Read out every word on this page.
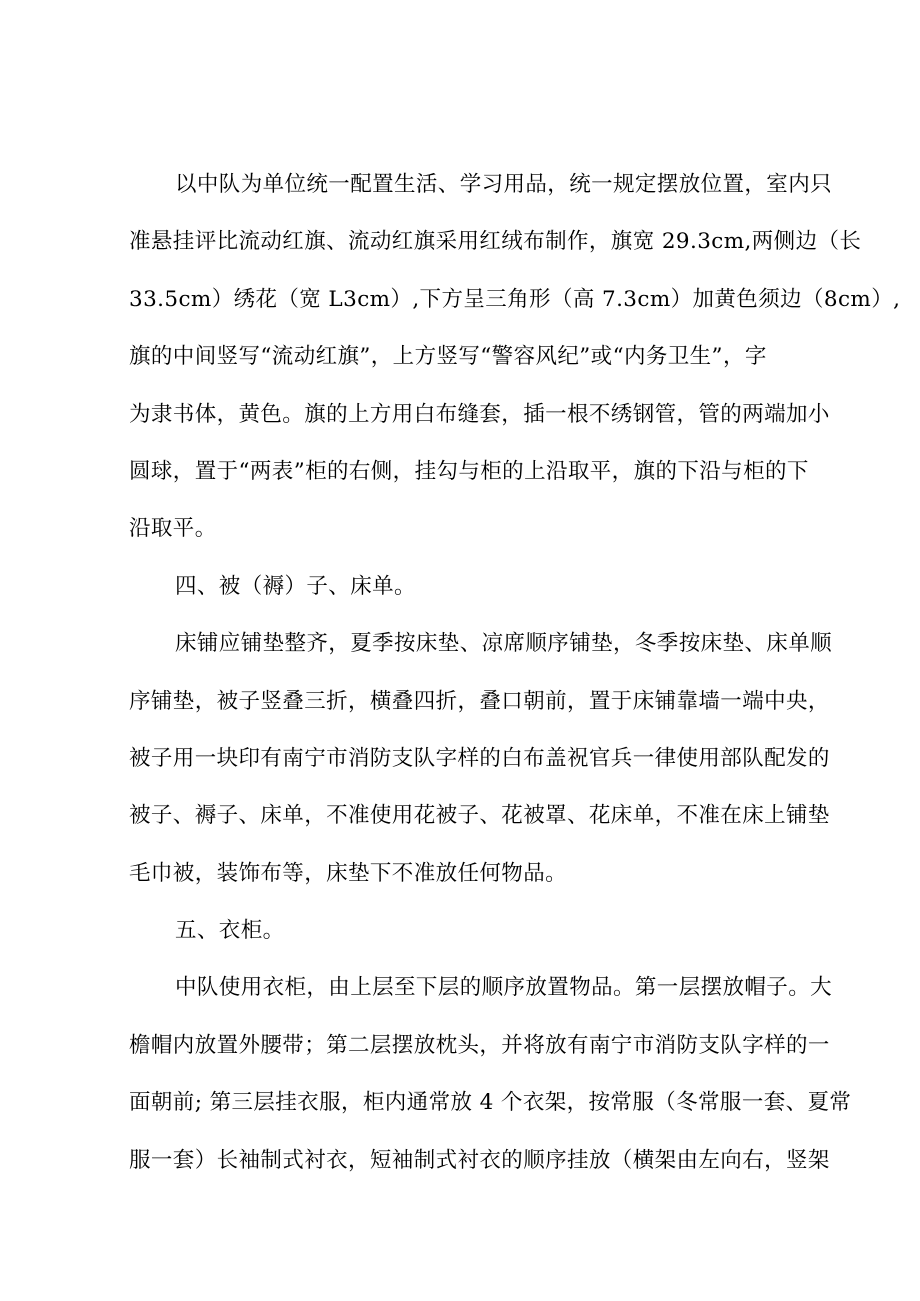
以中队为单位统一配置生活、学习用品，统一规定摆放位置，室内只
准悬挂评比流动红旗、流动红旗采用红绒布制作，旗宽 29.3cm,两侧边（长
33.5cm）绣花（宽 L3cm）,下方呈三角形（高 7.3cm）加黄色须边（8cm）,
旗的中间竖写“流动红旗”，上方竖写“警容风纪”或“内务卫生”，字
为隶书体，黄色。旗的上方用白布缝套，插一根不绣钢管，管的两端加小
圆球，置于“两表”柜的右侧，挂勾与柜的上沿取平，旗的下沿与柜的下
沿取平。

四、被（褥）子、床单。

床铺应铺垫整齐，夏季按床垫、凉席顺序铺垫，冬季按床垫、床单顺
序铺垫，被子竖叠三折，横叠四折，叠口朝前，置于床铺靠墙一端中央，
被子用一块印有南宁市消防支队字样的白布盖祝官兵一律使用部队配发的
被子、褥子、床单，不准使用花被子、花被罩、花床单，不准在床上铺垫
毛巾被，装饰布等，床垫下不准放任何物品。

五、衣柜。

中队使用衣柜，由上层至下层的顺序放置物品。第一层摆放帽子。大
檐帽内放置外腰带；第二层摆放枕头，并将放有南宁市消防支队字样的一
面朝前; 第三层挂衣服，柜内通常放 4 个衣架，按常服（冬常服一套、夏常
服一套）长袖制式衬衣，短袖制式衬衣的顺序挂放（横架由左向右，竖架
